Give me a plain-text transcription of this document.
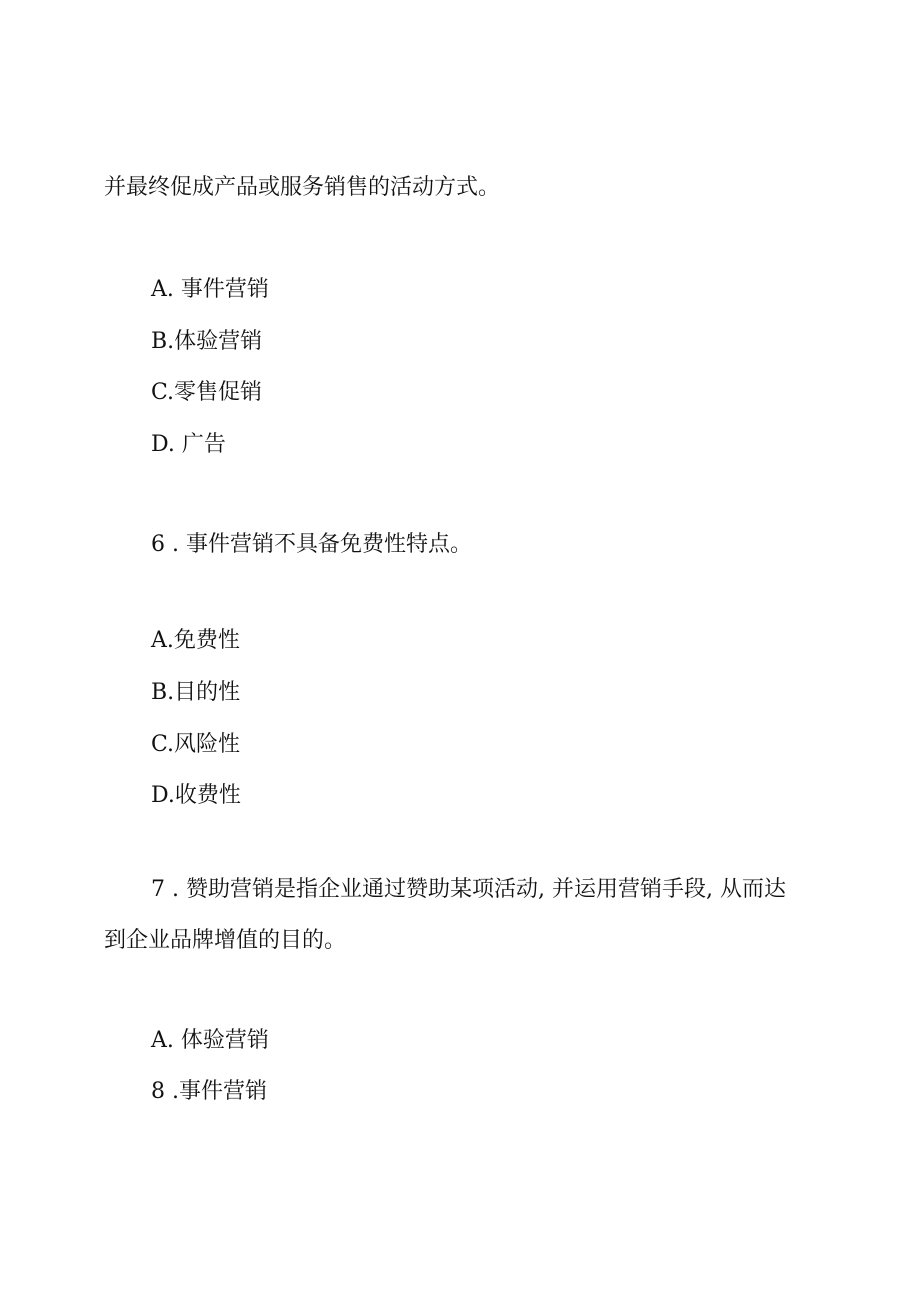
并最终促成产品或服务销售的活动方式。
A. 事件营销
B.体验营销
C.零售促销
D. 广告
6 . 事件营销不具备免费性特点。
A.免费性
B.目的性
C.风险性
D.收费性
7 . 赞助营销是指企业通过赞助某项活动, 并运用营销手段, 从而达
到企业品牌增值的目的。
A. 体验营销
8 .事件营销
